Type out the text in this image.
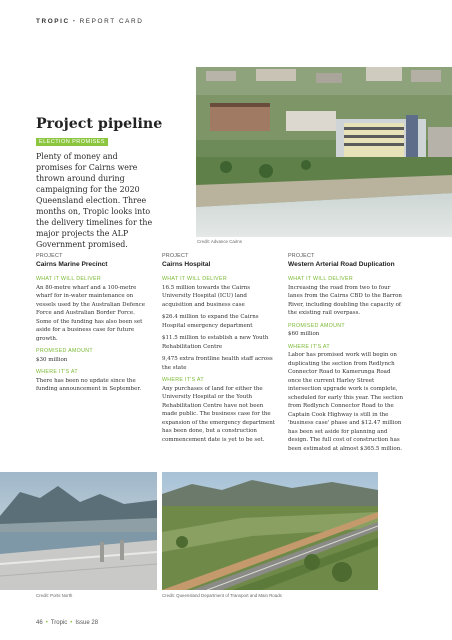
TROPIC • REPORT CARD
Credit: Advance Cairns
Project pipeline
ELECTION PROMISES
Plenty of money and promises for Cairns were thrown around during campaigning for the 2020 Queensland election. Three months on, Tropic looks into the delivery timelines for the major projects the ALP Government promised.
PROJECT
Cairns Marine Precinct
WHAT IT WILL DELIVER

An 80-metre wharf and a 100-metre wharf for in-water maintenance on vessels used by the Australian Defence Force and Australian Border Force. Some of the funding has also been set aside for a business case for future growth.

PROMISED AMOUNT

$30 million

WHERE IT'S AT

There has been no update since the funding announcement in September.

PROJECT
Cairns Hospital
WHAT IT WILL DELIVER

16.5 million towards the Cairns University Hospital (ICU) land acquisition and business case

$26.4 million to expand the Cairns Hospital emergency department

$11.5 million to establish a new Youth Rehabilitation Centre

9,475 extra frontline health staff across the state

WHERE IT'S AT

Any purchases of land for either the University Hospital or the Youth Rehabilitation Centre have not been made public. The business case for the expansion of the emergency department has been done, but a construction commencement date is yet to be set.

PROJECT
Western Arterial Road Duplication
WHAT IT WILL DELIVER

Increasing the road from two to four lanes from the Cairns CBD to the Barron River, including doubling the capacity of the existing rail overpass.

PROMISED AMOUNT

$60 million

WHERE IT'S AT

Labor has promised work will begin on duplicating the section from Redlynch Connector Road to Kamerunga Road once the current Harley Street intersection upgrade work is complete, scheduled for early this year. The section from Redlynch Connector Road to the Captain Cook Highway is still in the 'business case' phase and $12.47 million has been set aside for planning and design. The full cost of construction has been estimated at almost $365.5 million.

Credit: Ports North	Credit: Queensland Department of Transport and Main Roads
46 • Tropic • Issue 28
